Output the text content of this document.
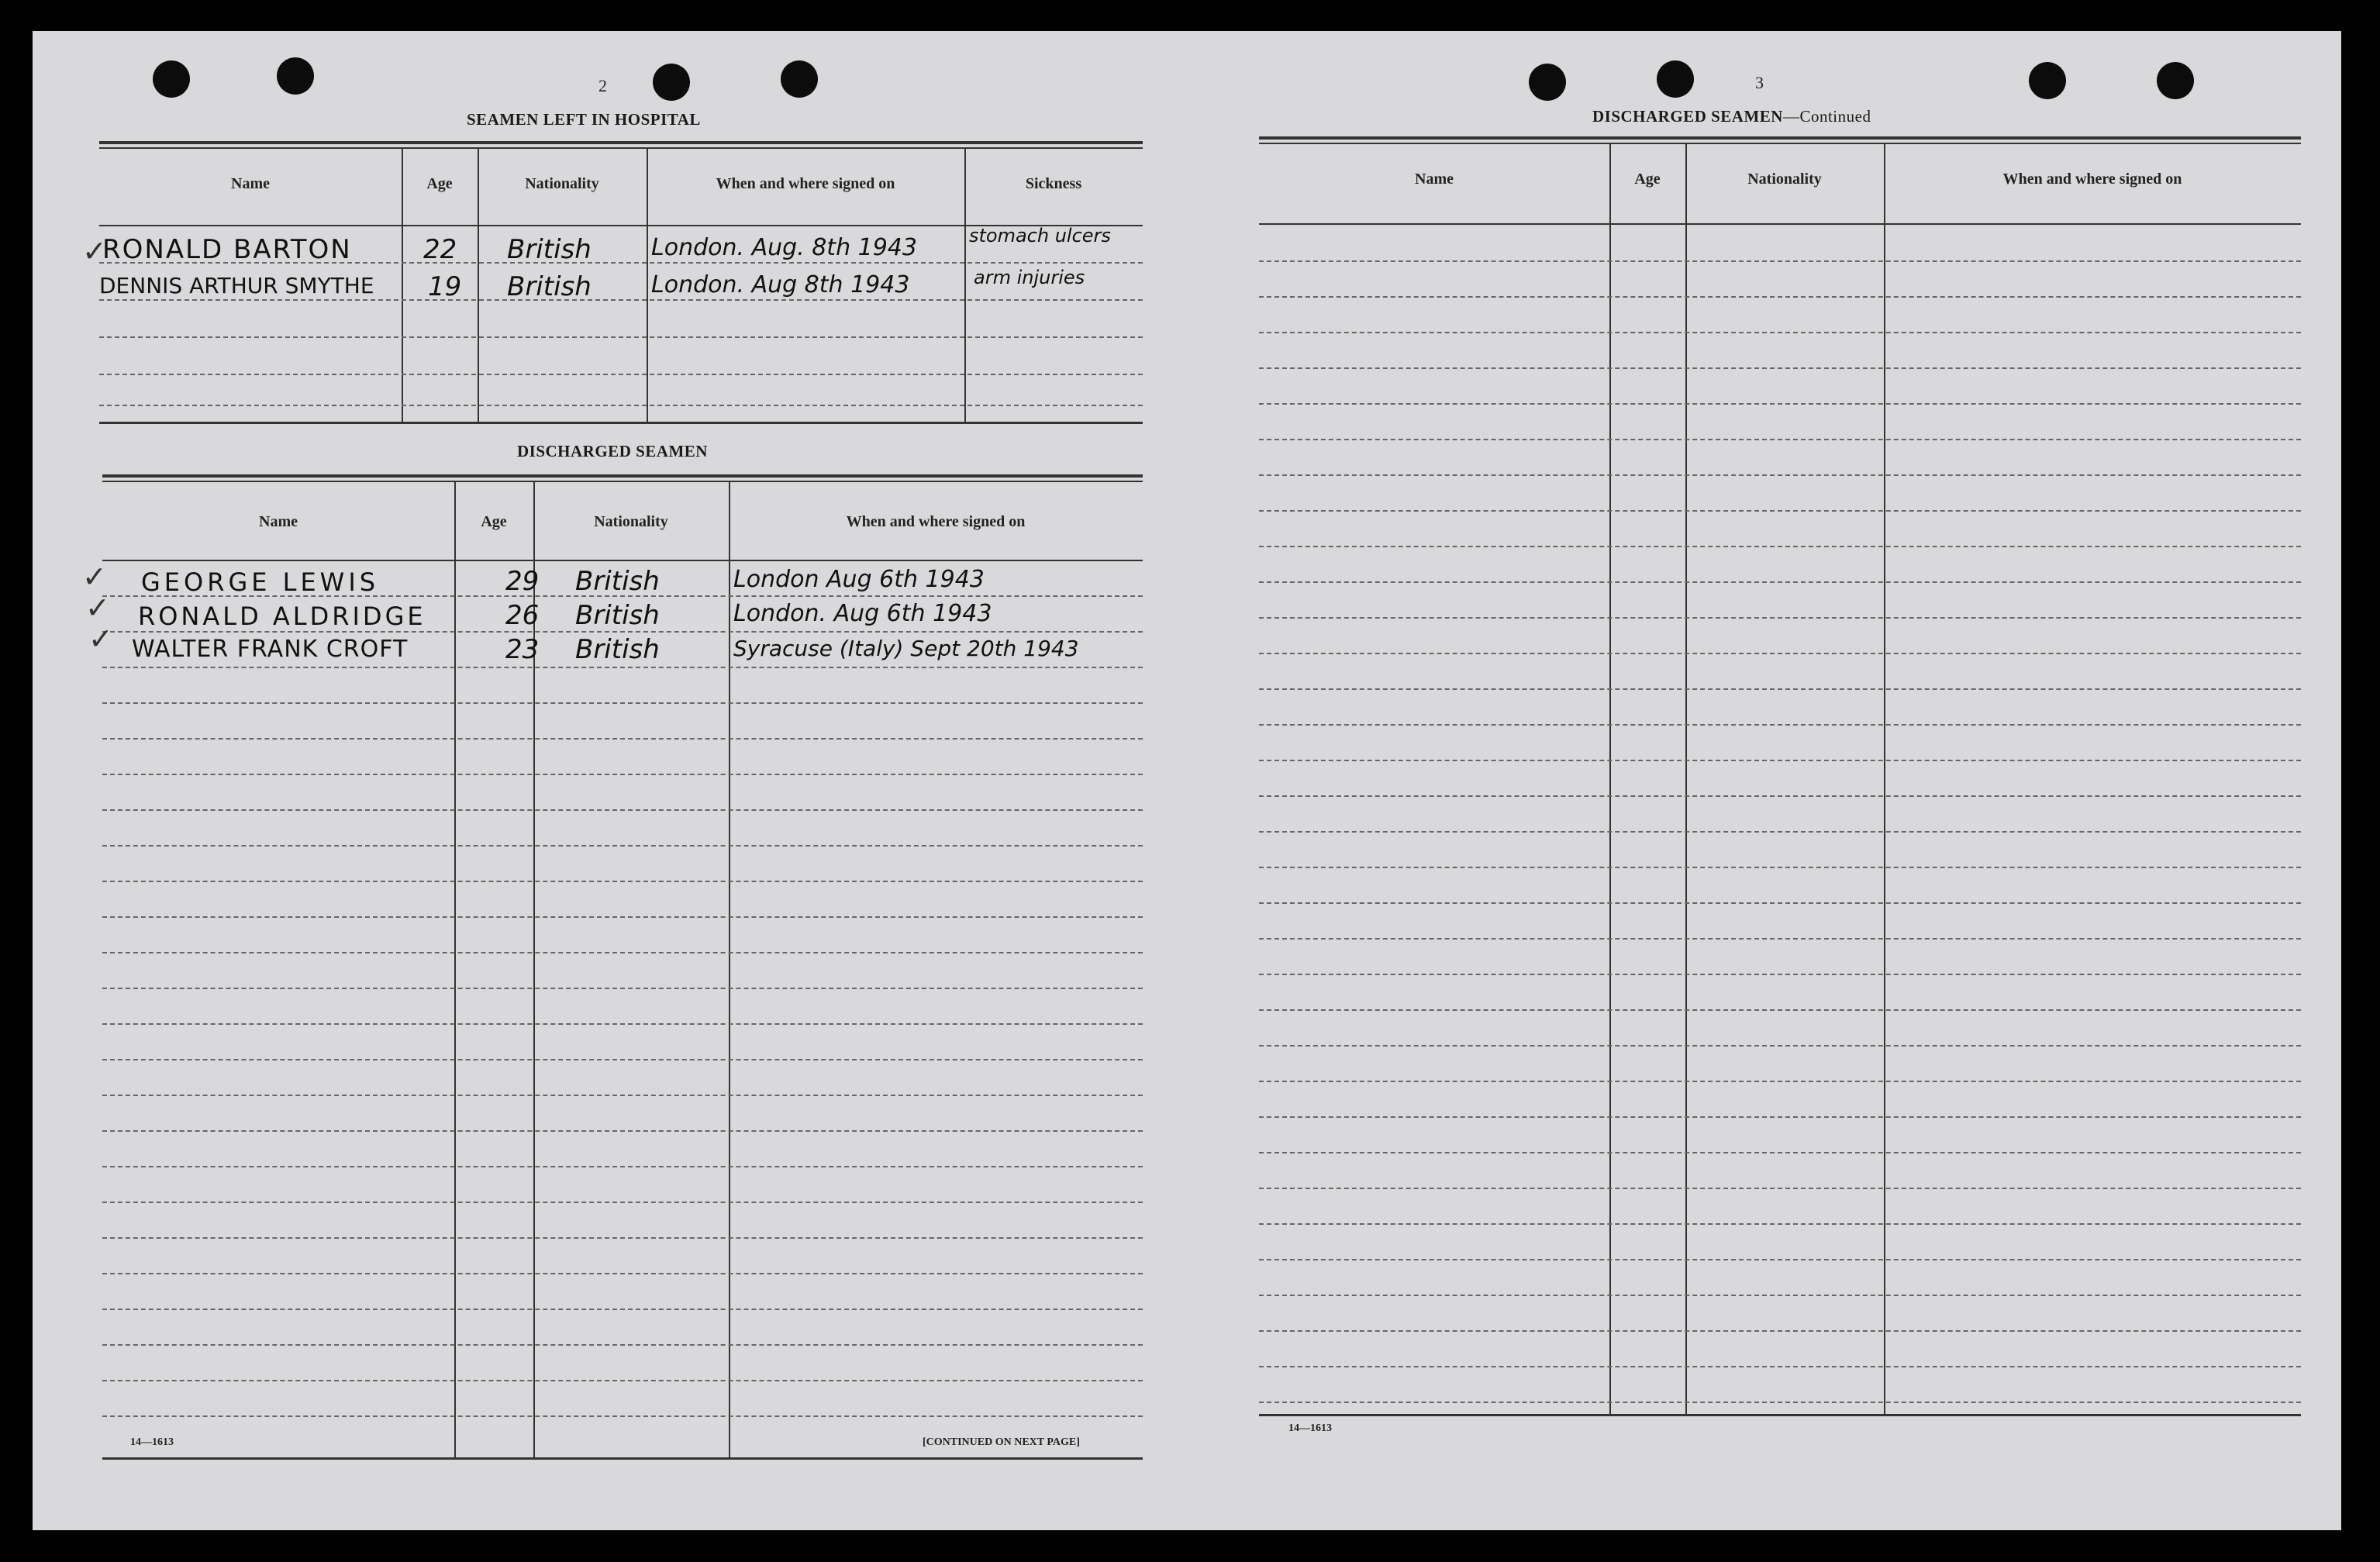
2
SEAMEN LEFT IN HOSPITAL
Name	Age	Nationality	When and where signed on	Sickness
✓
RONALD BARTON	22 British	London. Aug. 8th 1943	stomach ulcers
DENNIS ARTHUR SMYTHE 19 British	London. Aug 8th 1943	arm injuries
DISCHARGED SEAMEN
Name	Age	Nationality	When and where signed on
✓
✓
✓
GEORGE LEWIS	29 British	London Aug 6th 1943
RONALD ALDRIDGE	26 British	London. Aug 6th 1943
WALTER FRANK CROFT	23 British	Syracuse (Italy) Sept 20th 1943
14—1613	[CONTINUED ON NEXT PAGE]
3
DISCHARGED SEAMEN—Continued
Name	Age	Nationality	When and where signed on
14—1613
